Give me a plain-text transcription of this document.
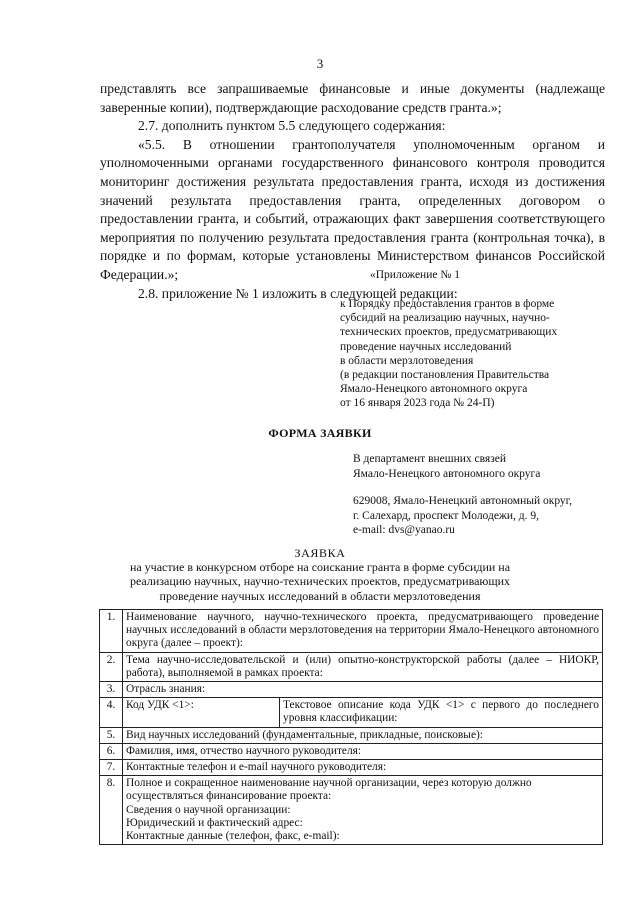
3

представлять все запрашиваемые финансовые и иные документы (надлежаще заверенные копии), подтверждающие расходование средств гранта.»;

2.7. дополнить пунктом 5.5 следующего содержания:

«5.5. В отношении грантополучателя уполномоченным органом и уполномоченными органами государственного финансового контроля проводится мониторинг достижения результата предоставления гранта, исходя из достижения значений результата предоставления гранта, определенных договором о предоставлении гранта, и событий, отражающих факт завершения соответствующего мероприятия по получению результата предоставления гранта (контрольная точка), в порядке и по формам, которые установлены Министерством финансов Российской Федерации.»;

2.8. приложение № 1 изложить в следующей редакции:

«Приложение № 1
к Порядку предоставления грантов в форме
субсидий на реализацию научных, научно-
технических проектов, предусматривающих
проведение научных исследований
в области мерзлотоведения
(в редакции постановления Правительства
Ямало-Ненецкого автономного округа
от 16 января 2023 года № 24-П)
ФОРМА ЗАЯВКИ
В департамент внешних связей
Ямало-Ненецкого автономного округа
629008, Ямало-Ненецкий автономный округ,
г. Салехард, проспект Молодежи, д. 9,
e-mail: dvs@yanao.ru
ЗАЯВКА
на участие в конкурсном отборе на соискание гранта в форме субсидии на
реализацию научных, научно-технических проектов, предусматривающих
проведение научных исследований в области мерзлотоведения
1.	Наименование научного, научно-технического проекта, предусматривающего проведение научных исследований в области мерзлотоведения на территории Ямало-Ненецкого автономного округа (далее – проект):	
2.	Тема научно-исследовательской и (или) опытно-конструкторской работы (далее – НИОКР, работа), выполняемой в рамках проекта:	
3.	Отрасль знания:	
4.	Код УДК <1>:	Текстовое описание кода УДК <1> с первого до последнего уровня классификации:
5.	Вид научных исследований (фундаментальные, прикладные, поисковые):	
6.	Фамилия, имя, отчество научного руководителя:	
7.	Контактные телефон и e-mail научного руководителя:	
8.	Полное и сокращенное наименование научной организации, через которую должно осуществляться финансирование проекта:
Сведения о научной организации:
Юридический и фактический адрес:
Контактные данные (телефон, факс, e-mail):	
